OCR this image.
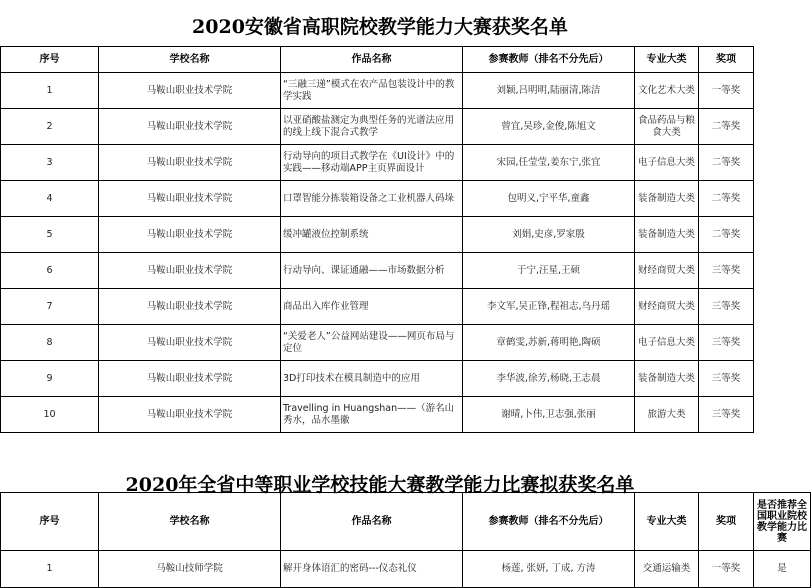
2020安徽省高职院校教学能力大赛获奖名单
序号	学校名称	作品名称	参赛教师（排名不分先后）	专业大类	奖项
1	马鞍山职业技术学院	“三融三递”模式在农产品包装设计中的教学实践	刘颖,吕明明,陆丽清,陈洁	文化艺术大类	一等奖
2	马鞍山职业技术学院	以亚硝酸盐测定为典型任务的光谱法应用的线上线下混合式教学	曾宜,吴珍,金俊,陈旭文	食品药品与粮食大类	二等奖
3	马鞍山职业技术学院	行动导向的项目式教学在《UI设计》中的实践——移动端APP主页界面设计	宋园,任莹莹,姜东宁,张宜	电子信息大类	二等奖
4	马鞍山职业技术学院	口罩智能分拣装箱设备之工业机器人码垛	包明义,宁平华,童鑫	装备制造大类	二等奖
5	马鞍山职业技术学院	缓冲罐液位控制系统	刘娟,史彦,罗家殷	装备制造大类	二等奖
6	马鞍山职业技术学院	行动导向、课证通融——市场数据分析	于宁,汪星,王硕	财经商贸大类	三等奖
7	马鞍山职业技术学院	商品出入库作业管理	李文军,吴正锋,程祖志,乌丹瑶	财经商贸大类	三等奖
8	马鞍山职业技术学院	“关爱老人”公益网站建设——网页布局与定位	章鹤雯,苏新,蒋明艳,陶硕	电子信息大类	三等奖
9	马鞍山职业技术学院	3D打印技术在模具制造中的应用	李华波,徐芳,杨晓,王志晨	装备制造大类	三等奖
10	马鞍山职业技术学院	Travelling in Huangshan——（游名山秀水，品水墨徽	谢晴,卜伟,卫志强,张丽	旅游大类	三等奖
2020年全省中等职业学校技能大赛教学能力比赛拟获奖名单
序号	学校名称	作品名称	参赛教师（排名不分先后）	专业大类	奖项	是否推荐全国职业院校教学能力比赛
1	马鞍山技师学院	解开身体语汇的密码---仪态礼仪	杨莲, 张妍, 丁成, 方涛	交通运输类	一等奖	是
